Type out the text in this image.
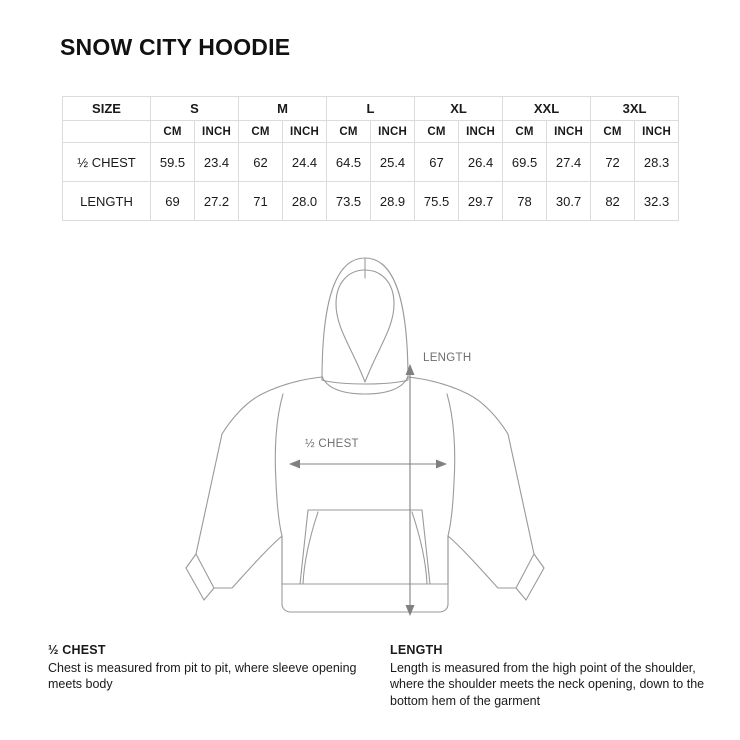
SNOW CITY HOODIE
SIZE	S		M		L		XL		XXL		3XL	
	CM	INCH	CM	INCH	CM	INCH	CM	INCH	CM	INCH	CM	INCH
½ CHEST	59.5	23.4	62	24.4	64.5	25.4	67	26.4	69.5	27.4	72	28.3
LENGTH	69	27.2	71	28.0	73.5	28.9	75.5	29.7	78	30.7	82	32.3
LENGTH
½ CHEST
½ CHEST
Chest is measured from pit to pit, where sleeve opening meets body
LENGTH
Length is measured from the high point of the shoulder, where the shoulder meets the neck opening, down to the bottom hem of the garment
